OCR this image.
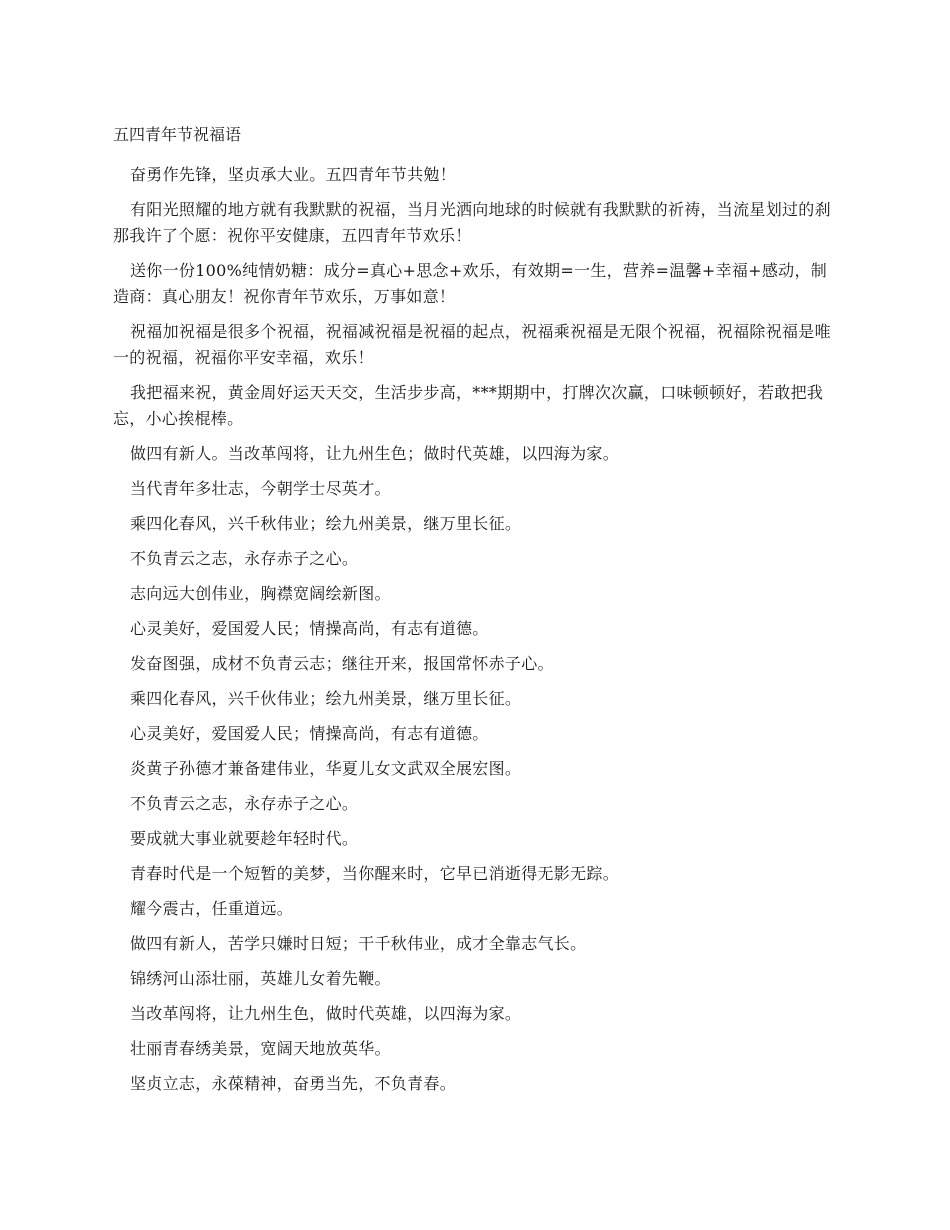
五四青年节祝福语

奋勇作先锋，坚贞承大业。五四青年节共勉！

有阳光照耀的地方就有我默默的祝福，当月光洒向地球的时候就有我默默的祈祷，当流星划过的刹那我许了个愿：祝你平安健康，五四青年节欢乐！

送你一份100%纯情奶糖：成分=真心+思念+欢乐，有效期=一生，营养=温馨+幸福+感动，制造商：真心朋友！祝你青年节欢乐，万事如意！

祝福加祝福是很多个祝福，祝福减祝福是祝福的起点，祝福乘祝福是无限个祝福，祝福除祝福是唯一的祝福，祝福你平安幸福，欢乐！

我把福来祝，黄金周好运天天交，生活步步高，***期期中，打牌次次赢，口味顿顿好，若敢把我忘，小心挨棍棒。

做四有新人。当改革闯将，让九州生色；做时代英雄，以四海为家。

当代青年多壮志，今朝学士尽英才。

乘四化春风，兴千秋伟业；绘九州美景，继万里长征。

不负青云之志，永存赤子之心。

志向远大创伟业，胸襟宽阔绘新图。

心灵美好，爱国爱人民；情操高尚，有志有道德。

发奋图强，成材不负青云志；继往开来，报国常怀赤子心。

乘四化春风，兴千伙伟业；绘九州美景，继万里长征。

心灵美好，爱国爱人民；情操高尚，有志有道德。

炎黄子孙德才兼备建伟业，华夏儿女文武双全展宏图。

不负青云之志，永存赤子之心。

要成就大事业就要趁年轻时代。

青春时代是一个短暂的美梦，当你醒来时，它早已消逝得无影无踪。

耀今震古，任重道远。

做四有新人，苦学只嫌时日短；干千秋伟业，成才全靠志气长。

锦绣河山添壮丽，英雄儿女着先鞭。

当改革闯将，让九州生色，做时代英雄，以四海为家。

壮丽青春绣美景，宽阔天地放英华。

坚贞立志，永葆精神，奋勇当先，不负青春。
